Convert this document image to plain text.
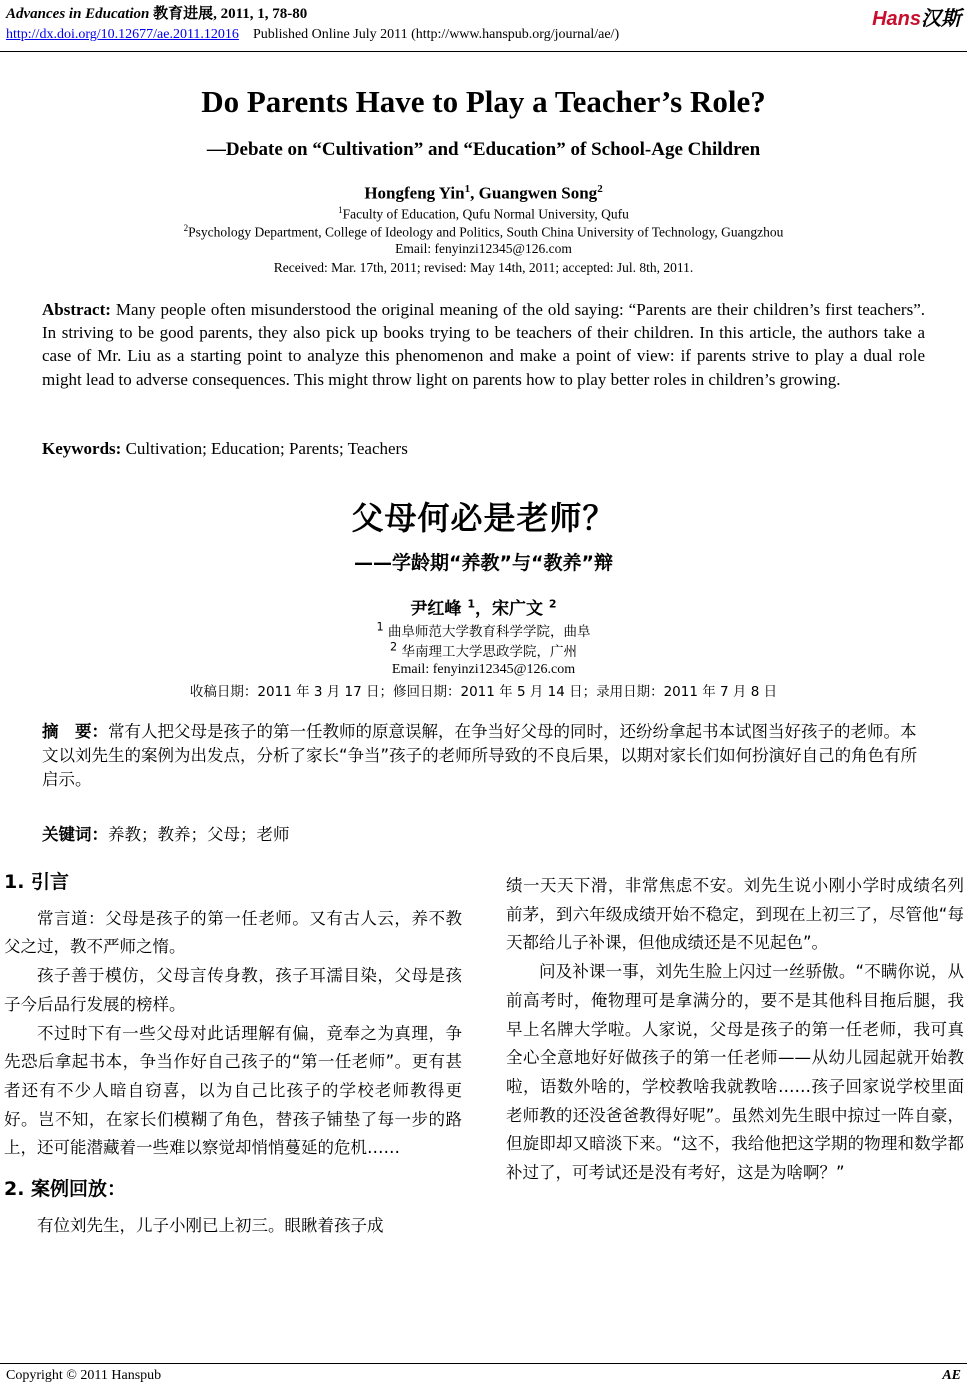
Advances in Education 教育进展, 2011, 1, 78-80
http://dx.doi.org/10.12677/ae.2011.12016 Published Online July 2011 (http://www.hanspub.org/journal/ae/)
Hans汉斯
Do Parents Have to Play a Teacher’s Role?
—Debate on “Cultivation” and “Education” of School-Age Children
Hongfeng Yin$^1$, Guangwen Song$^2$
$^1$Faculty of Education, Qufu Normal University, Qufu
$^2$Psychology Department, College of Ideology and Politics, South China University of Technology, Guangzhou
Email: fenyinzi12345@126.com
Received: Mar. 17th, 2011; revised: May 14th, 2011; accepted: Jul. 8th, 2011.
Abstract: Many people often misunderstood the original meaning of the old saying: “Parents are their children’s first teachers”. In striving to be good parents, they also pick up books trying to be teachers of their children. In this article, the authors take a case of Mr. Liu as a starting point to analyze this phenomenon and make a point of view: if parents strive to play a dual role might lead to adverse consequences. This might throw light on parents how to play better roles in children’s growing.
Keywords: Cultivation; Education; Parents; Teachers
父母何必是老师？
——学龄期“养教”与“教养”辩
尹红峰 $^1$，宋广文 $^2$
$^1$ 曲阜师范大学教育科学学院，曲阜
$^2$ 华南理工大学思政学院，广州
Email: fenyinzi12345@126.com
收稿日期：2011 年 3 月 17 日；修回日期：2011 年 5 月 14 日；录用日期：2011 年 7 月 8 日
摘　要：常有人把父母是孩子的第一任教师的原意误解，在争当好父母的同时，还纷纷拿起书本试图当好孩子的老师。本文以刘先生的案例为出发点，分析了家长“争当”孩子的老师所导致的不良后果，以期对家长们如何扮演好自己的角色有所启示。
关键词：养教；教养；父母；老师

1. 引言

常言道：父母是孩子的第一任老师。又有古人云，养不教父之过，教不严师之惰。

孩子善于模仿，父母言传身教，孩子耳濡目染，父母是孩子今后品行发展的榜样。

不过时下有一些父母对此话理解有偏，竟奉之为真理，争先恐后拿起书本，争当作好自己孩子的“第一任老师”。更有甚者还有不少人暗自窃喜，以为自己比孩子的学校老师教得更好。岂不知，在家长们模糊了角色，替孩子铺垫了每一步的路上，还可能潜藏着一些难以察觉却悄悄蔓延的危机……

2. 案例回放：

有位刘先生，儿子小刚已上初三。眼瞅着孩子成

绩一天天下滑，非常焦虑不安。刘先生说小刚小学时成绩名列前茅，到六年级成绩开始不稳定，到现在上初三了，尽管他“每天都给儿子补课，但他成绩还是不见起色”。

问及补课一事，刘先生脸上闪过一丝骄傲。“不瞒你说，从前高考时，俺物理可是拿满分的，要不是其他科目拖后腿，我早上名牌大学啦。人家说，父母是孩子的第一任老师，我可真全心全意地好好做孩子的第一任老师——从幼儿园起就开始教啦，语数外啥的，学校教啥我就教啥……孩子回家说学校里面老师教的还没爸爸教得好呢”。虽然刘先生眼中掠过一阵自豪，但旋即却又暗淡下来。“这不，我给他把这学期的物理和数学都补过了，可考试还是没有考好，这是为啥啊？”

Copyright © 2011 Hanspub	AE
